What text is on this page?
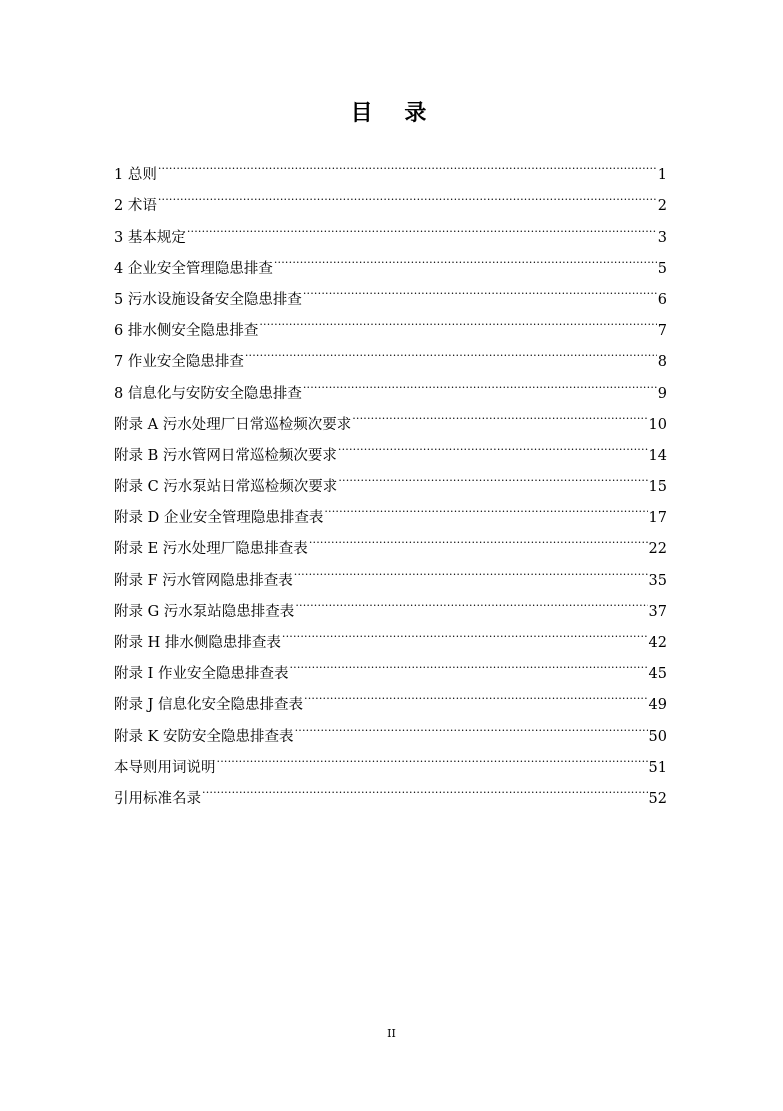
目 录
1 总则 .....	1
2 术语 .....	2
3 基本规定 .....	3
4 企业安全管理隐患排查 .....	5
5 污水设施设备安全隐患排查 .....	6
6 排水侧安全隐患排查 .....	7
7 作业安全隐患排查 .....	8
8 信息化与安防安全隐患排查 .....	9
附录 A 污水处理厂日常巡检频次要求 .....	10
附录 B 污水管网日常巡检频次要求 .....	14
附录 C 污水泵站日常巡检频次要求 .....	15
附录 D 企业安全管理隐患排查表 .....	17
附录 E 污水处理厂隐患排查表 .....	22
附录 F 污水管网隐患排查表 .....	35
附录 G 污水泵站隐患排查表 .....	37
附录 H 排水侧隐患排查表 .....	42
附录 I 作业安全隐患排查表 .....	45
附录 J 信息化安全隐患排查表 .....	49
附录 K 安防安全隐患排查表 .....	50
本导则用词说明 .....	51
引用标准名录 .....	52
II
